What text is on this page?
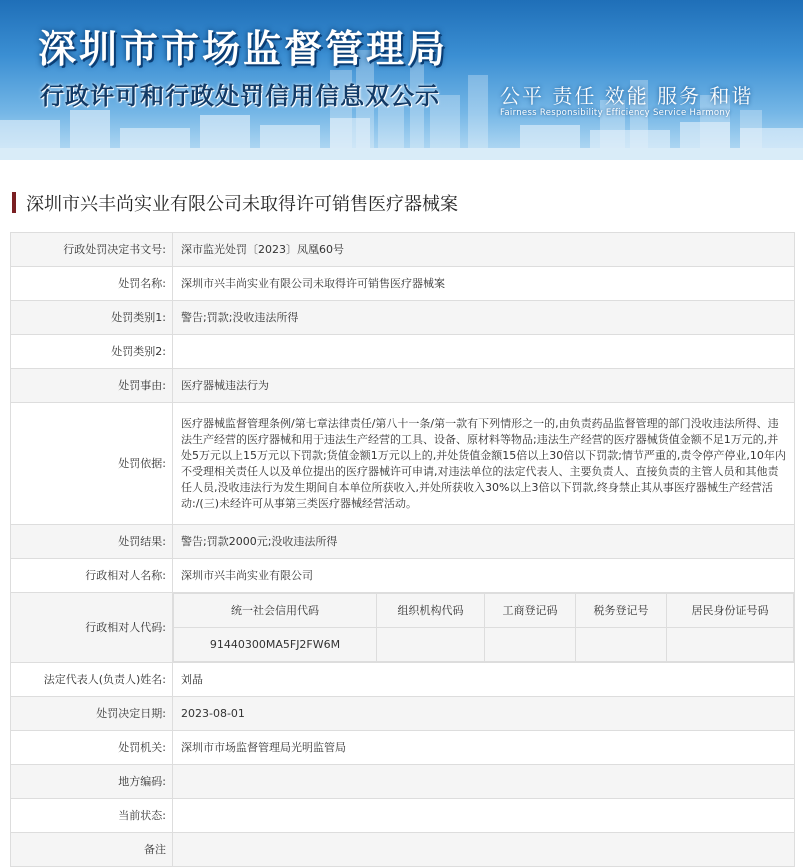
深圳市市场监督管理局
行政许可和行政处罚信用信息双公示	公平 责任 效能 服务 和谐
Fairness Responsibility Efficiency Service Harmony
深圳市兴丰尚实业有限公司未取得许可销售医疗器械案
行政处罚决定书文号:	深市监光处罚〔2023〕凤凰60号
处罚名称:	深圳市兴丰尚实业有限公司未取得许可销售医疗器械案
处罚类别1:	警告;罚款;没收违法所得
处罚类别2:	
处罚事由:	医疗器械违法行为
处罚依据:	医疗器械监督管理条例/第七章法律责任/第八十一条/第一款有下列情形之一的,由负责药品监督管理的部门没收违法所得、违法生产经营的医疗器械和用于违法生产经营的工具、设备、原材料等物品;违法生产经营的医疗器械货值金额不足1万元的,并处5万元以上15万元以下罚款;货值金额1万元以上的,并处货值金额15倍以上30倍以下罚款;情节严重的,责令停产停业,10年内不受理相关责任人以及单位提出的医疗器械许可申请,对违法单位的法定代表人、主要负责人、直接负责的主管人员和其他责任人员,没收违法行为发生期间自本单位所获收入,并处所获收入30%以上3倍以下罚款,终身禁止其从事医疗器械生产经营活动:/(三)未经许可从事第三类医疗器械经营活动。
处罚结果:	警告;罚款2000元;没收违法所得
行政相对人名称:	深圳市兴丰尚实业有限公司
行政相对人代码:	
统一社会信用代码	组织机构代码	工商登记码	税务登记号	居民身份证号码
91440300MA5FJ2FW6M				

法定代表人(负责人)姓名:	刘晶
处罚决定日期:	2023-08-01
处罚机关:	深圳市市场监督管理局光明监管局
地方编码:	
当前状态:	
备注	
